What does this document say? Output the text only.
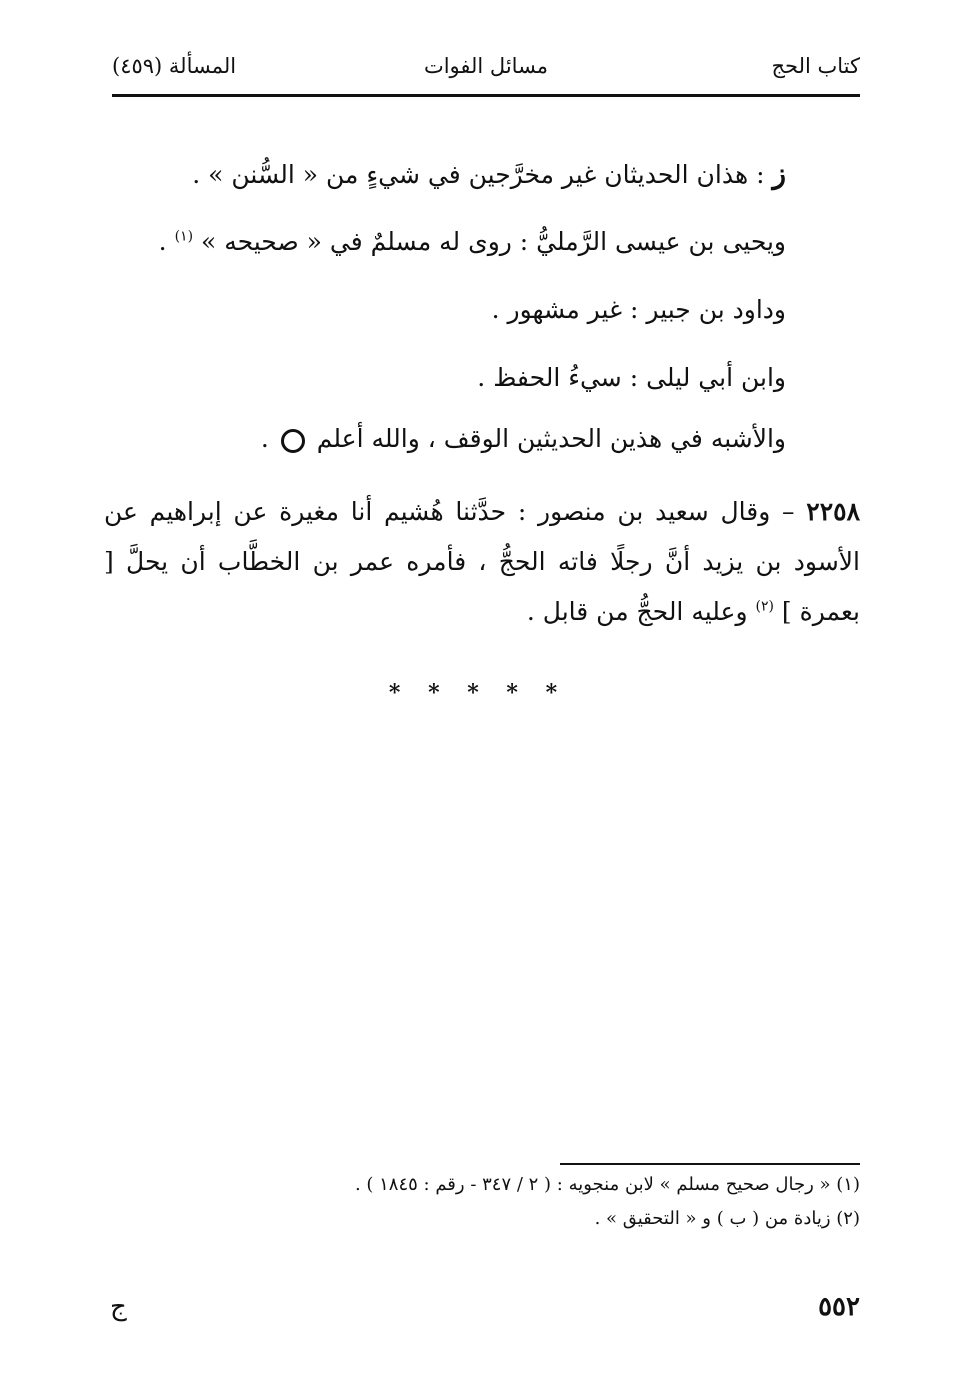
كتاب الحج
مسائل الفوات
المسألة (٤٥٩)
ز : هذان الحديثان غير مخرَّجين في شيءٍ من « السُّنن » .
ويحيى بن عيسى الرَّمليُّ : روى له مسلمٌ في « صحيحه » $^{(١)}$ .
وداود بن جبير : غير مشهور .
وابن أبي ليلى : سيءُ الحفظ .
والأشبه في هذين الحديثين الوقف ، والله أعلم  .
٢٢٥٨ – وقال سعيد بن منصور : حدَّثنا هُشيم أنا مغيرة عن إبراهيم عن الأسود بن يزيد أنَّ رجلًا فاته الحجُّ ، فأمره عمر بن الخطَّاب أن يحلَّ [ بعمرة ] $^{(٢)}$ وعليه الحجُّ من قابل .
* * * * *
(١) « رجال صحيح مسلم » لابن منجويه : ( ٢ / ٣٤٧ - رقم : ١٨٤٥ ) .
(٢) زيادة من ( ب ) و « التحقيق » .
٥٥٢
ج
